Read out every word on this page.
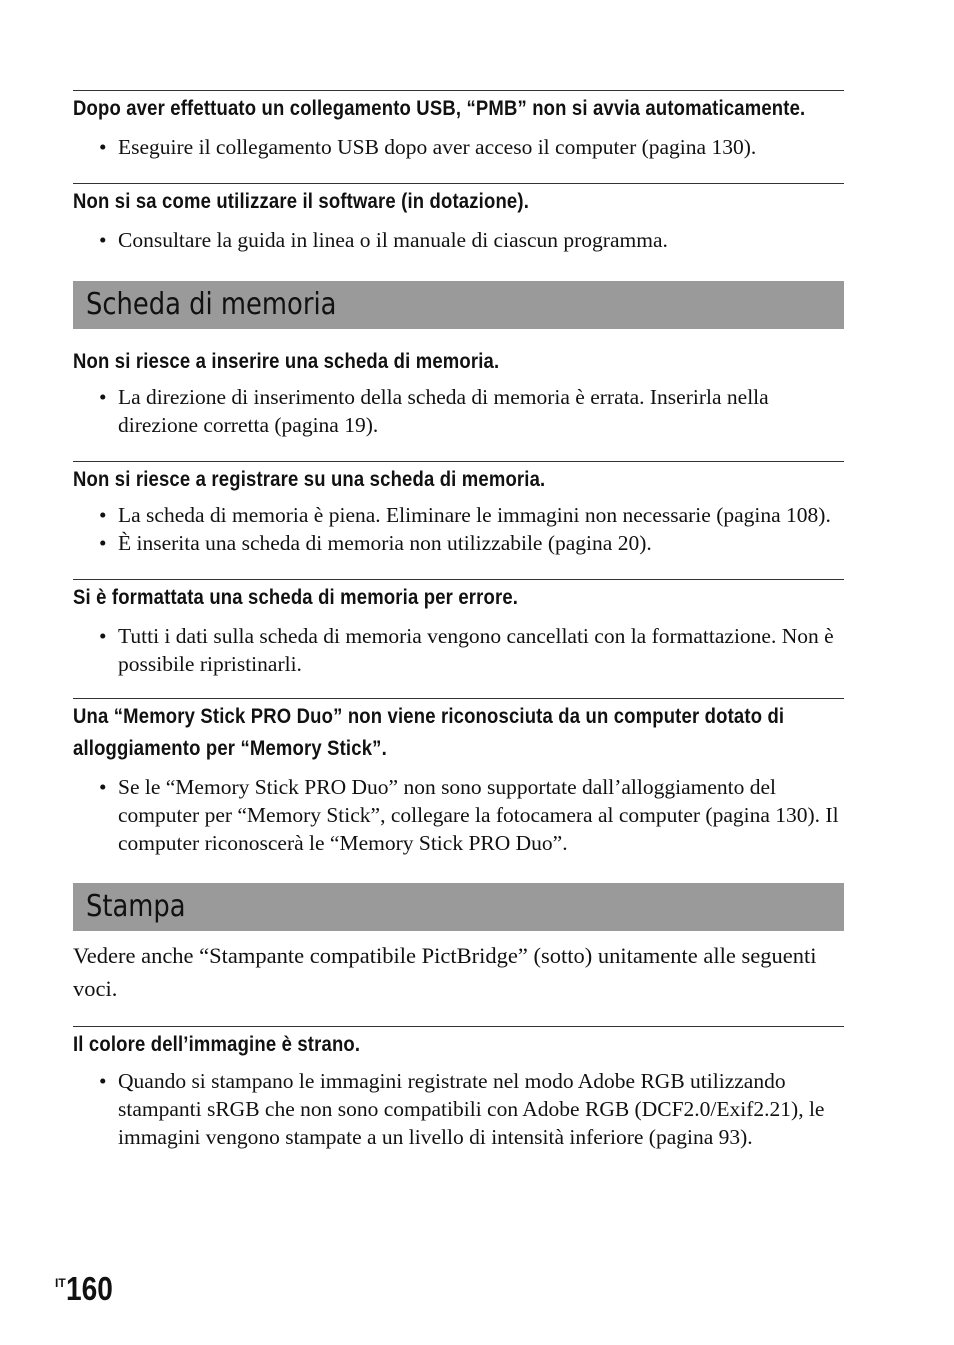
Dopo aver effettuato un collegamento USB, “PMB” non si avvia automaticamente.
• Eseguire il collegamento USB dopo aver acceso il computer (pagina 130).
Non si sa come utilizzare il software (in dotazione).
• Consultare la guida in linea o il manuale di ciascun programma.
Scheda di memoria
Non si riesce a inserire una scheda di memoria.
• La direzione di inserimento della scheda di memoria è errata. Inserirla nella direzione corretta (pagina 19).
Non si riesce a registrare su una scheda di memoria.
• La scheda di memoria è piena. Eliminare le immagini non necessarie (pagina 108).
• È inserita una scheda di memoria non utilizzabile (pagina 20).
Si è formattata una scheda di memoria per errore.
• Tutti i dati sulla scheda di memoria vengono cancellati con la formattazione. Non è possibile ripristinarli.
Una “Memory Stick PRO Duo” non viene riconosciuta da un computer dotato di alloggiamento per “Memory Stick”.
• Se le “Memory Stick PRO Duo” non sono supportate dall’alloggiamento del computer per “Memory Stick”, collegare la fotocamera al computer (pagina 130). Il computer riconoscerà le “Memory Stick PRO Duo”.
Stampa
Vedere anche “Stampante compatibile PictBridge” (sotto) unitamente alle seguenti voci.
Il colore dell’immagine è strano.
• Quando si stampano le immagini registrate nel modo Adobe RGB utilizzando stampanti sRGB che non sono compatibili con Adobe RGB (DCF2.0/Exif2.21), le immagini vengono stampate a un livello di intensità inferiore (pagina 93).
$^{IT}$160
